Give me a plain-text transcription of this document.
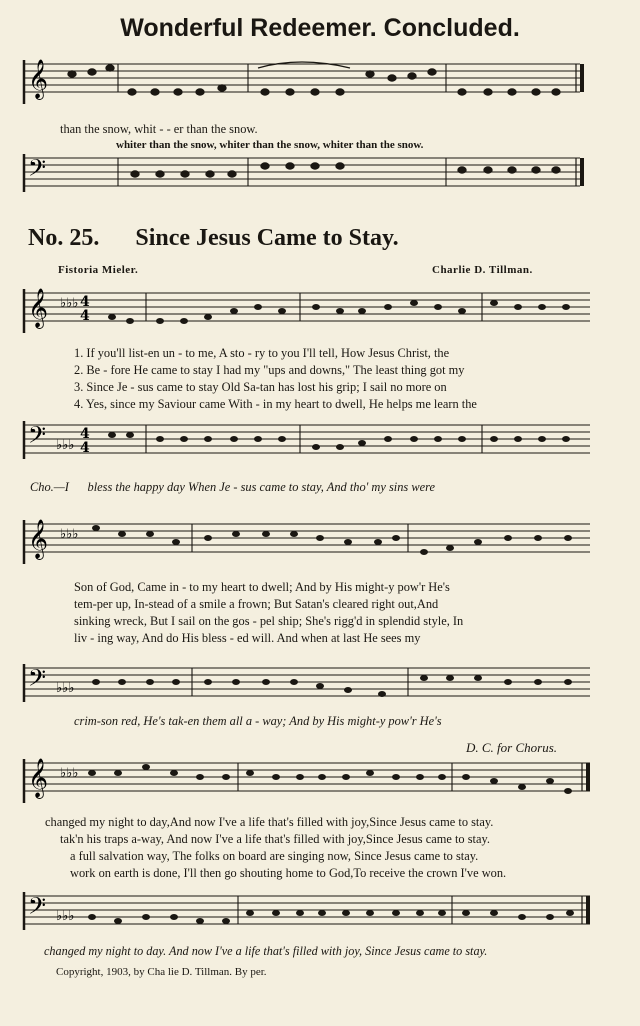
Wonderful Redeemer. Concluded.
𝄞
𝄢
than the snow, whit - - er than the snow.
whiter than the snow, whiter than the snow, whiter than the snow.
No. 25. Since Jesus Came to Stay.
Fistoria Mieler.	Charlie D. Tillman.
𝄞 ♭♭♭ 4
4
𝄢 ♭♭♭
4
4
1. If you'll list-en un - to me, A sto - ry to you I'll tell, How Jesus Christ, the
2. Be - fore He came to stay I had my "ups and downs," The least thing got my
3. Since Je - sus came to stay Old Sa-tan has lost his grip; I sail no more on
4. Yes, since my Saviour came With - in my heart to dwell, He helps me learn the
Cho.—I bless the happy day When Je - sus came to stay, And tho' my sins were
𝄞 ♭♭♭
𝄢 ♭♭♭
Son of God, Came in - to my heart to dwell; And by His might-y pow'r He's
tem-per up, In-stead of a smile a frown; But Satan's cleared right out,And
sinking wreck, But I sail on the gos - pel ship; She's rigg'd in splendid style, In
liv - ing way, And do His bless - ed will. And when at last He sees my
crim-son red, He's tak-en them all a - way; And by His might-y pow'r He's
D. C. for Chorus.
𝄞 ♭♭♭
𝄢 ♭♭♭
changed my night to day,And now I've a life that's filled with joy,Since Jesus came to stay.
tak'n his traps a-way, And now I've a life that's filled with joy,Since Jesus came to stay.
a full salvation way, The folks on board are singing now, Since Jesus came to stay.
work on earth is done, I'll then go shouting home to God,To receive the crown I've won.
changed my night to day. And now I've a life that's filled with joy, Since Jesus came to stay.
Copyright, 1903, by Cha lie D. Tillman. By per.
